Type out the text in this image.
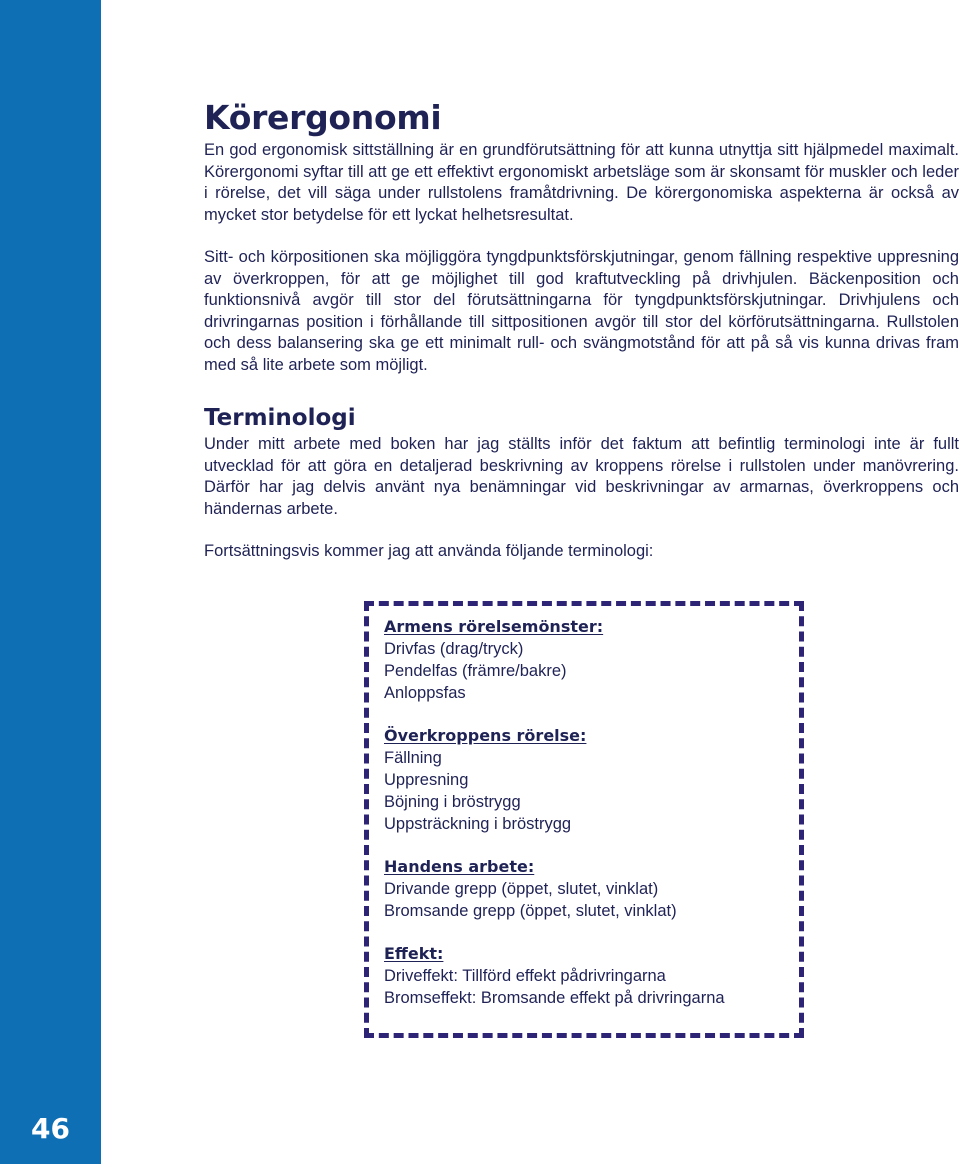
46
Körergonomi

En god ergonomisk sittställning är en grundförutsättning för att kunna utnyttja sitt hjälpmedel maximalt. Körergonomi syftar till att ge ett effektivt ergonomiskt arbetsläge som är skonsamt för muskler och leder i rörelse, det vill säga under rullstolens framåtdrivning. De körergonomiska aspekterna är också av mycket stor betydelse för ett lyckat helhetsresultat.

Sitt- och körpositionen ska möjliggöra tyngdpunktsförskjutningar, genom fällning respektive uppresning av överkroppen, för att ge möjlighet till god kraftutveckling på drivhjulen. Bäckenposition och funktionsnivå avgör till stor del förutsättningarna för tyngdpunktsförskjutningar. Drivhjulens och drivringarnas position i förhållande till sittpositionen avgör till stor del körförutsättningarna. Rullstolen och dess balansering ska ge ett minimalt rull- och svängmotstånd för att på så vis kunna drivas fram med så lite arbete som möjligt.

Terminologi

Under mitt arbete med boken har jag ställts inför det faktum att befintlig terminologi inte är fullt utvecklad för att göra en detaljerad beskrivning av kroppens rörelse i rullstolen under manövrering. Därför har jag delvis använt nya benämningar vid beskrivningar av armarnas, överkroppens och händernas arbete.

Fortsättningsvis kommer jag att använda följande terminologi:

Armens rörelsemönster:
Drivfas (drag/tryck)
Pendelfas (främre/bakre)
Anloppsfas
Överkroppens rörelse:
Fällning
Uppresning
Böjning i bröstrygg
Uppsträckning i bröstrygg
Handens arbete:
Drivande grepp (öppet, slutet, vinklat)
Bromsande grepp (öppet, slutet, vinklat)
Effekt:
Driveffekt: Tillförd effekt pådrivringarna
Bromseffekt: Bromsande effekt på drivringarna
